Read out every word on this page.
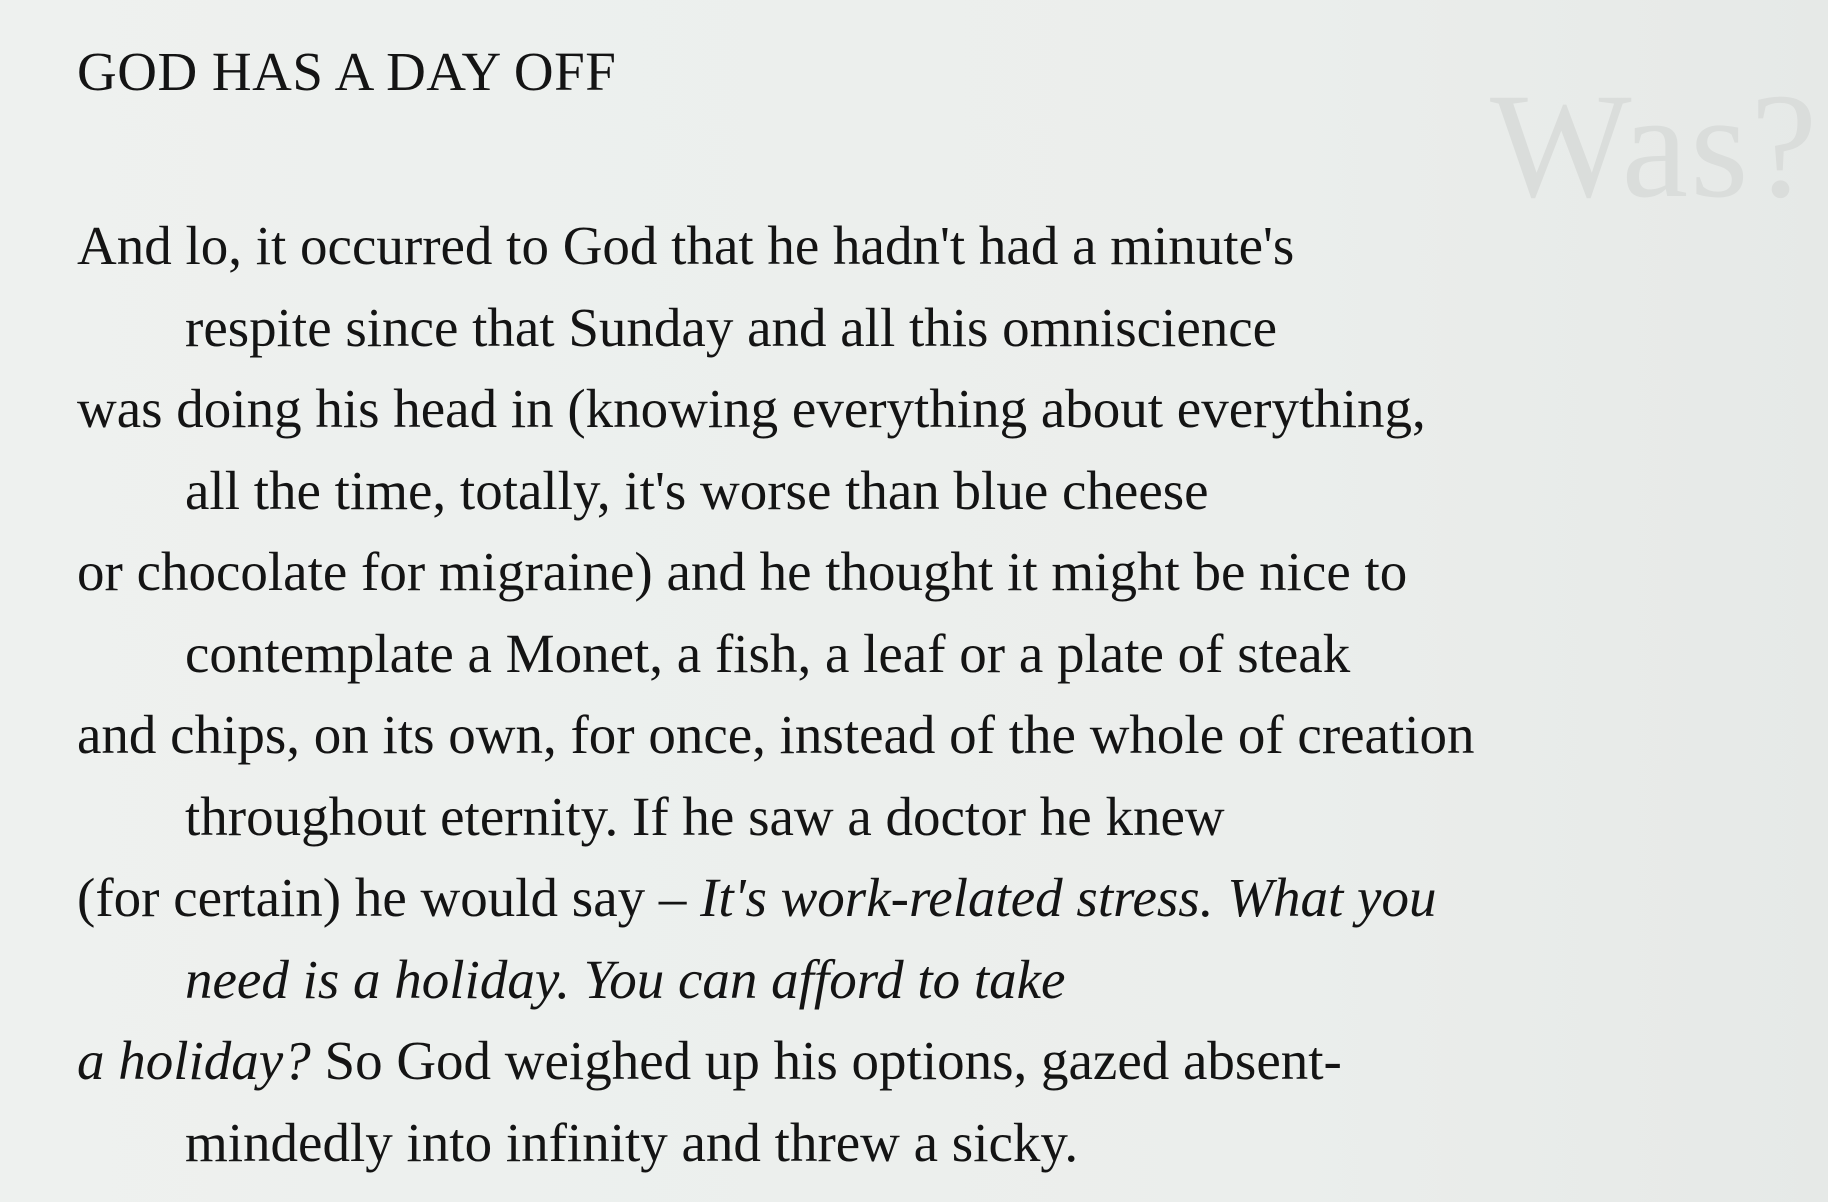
Was?
GOD HAS A DAY OFF
And lo, it occurred to God that he hadn't had a minute's
respite since that Sunday and all this omniscience
was doing his head in (knowing everything about everything,
all the time, totally, it's worse than blue cheese
or chocolate for migraine) and he thought it might be nice to
contemplate a Monet, a fish, a leaf or a plate of steak
and chips, on its own, for once, instead of the whole of creation
throughout eternity. If he saw a doctor he knew
(for certain) he would say – It's work-related stress. What you
need is a holiday. You can afford to take
a holiday? So God weighed up his options, gazed absent-
mindedly into infinity and threw a sicky.
